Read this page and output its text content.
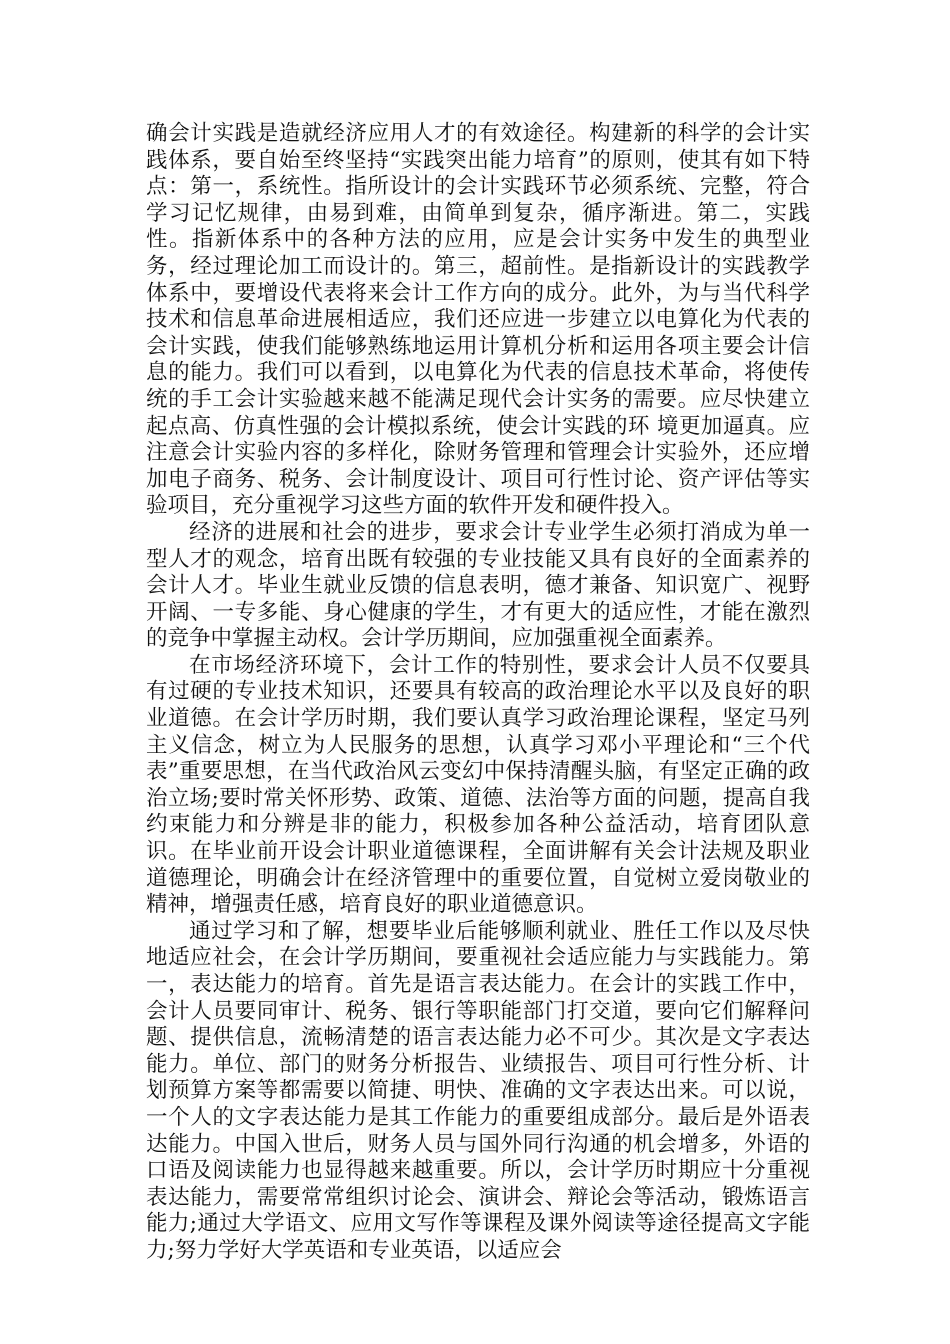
确会计实践是造就经济应用人才的有效途径。构建新的科学的会计实践体系，要自始至终坚持“实践突出能力培育”的原则，使其有如下特点：第一，系统性。指所设计的会计实践环节必须系统、完整，符合学习记忆规律，由易到难，由简单到复杂，循序渐进。第二，实践性。指新体系中的各种方法的应用，应是会计实务中发生的典型业务，经过理论加工而设计的。第三，超前性。是指新设计的实践教学体系中，要增设代表将来会计工作方向的成分。此外，为与当代科学技术和信息革命进展相适应，我们还应进一步建立以电算化为代表的会计实践，使我们能够熟练地运用计算机分析和运用各项主要会计信息的能力。我们可以看到，以电算化为代表的信息技术革命，将使传统的手工会计实验越来越不能满足现代会计实务的需要。应尽快建立起点高、仿真性强的会计模拟系统，使会计实践的环 境更加逼真。应注意会计实验内容的多样化，除财务管理和管理会计实验外，还应增加电子商务、税务、会计制度设计、项目可行性讨论、资产评估等实验项目，充分重视学习这些方面的软件开发和硬件投入。

经济的进展和社会的进步，要求会计专业学生必须打消成为单一型人才的观念，培育出既有较强的专业技能又具有良好的全面素养的会计人才。毕业生就业反馈的信息表明，德才兼备、知识宽广、视野开阔、一专多能、身心健康的学生，才有更大的适应性，才能在激烈的竞争中掌握主动权。会计学历期间，应加强重视全面素养。

在市场经济环境下，会计工作的特别性，要求会计人员不仅要具有过硬的专业技术知识，还要具有较高的政治理论水平以及良好的职业道德。在会计学历时期，我们要认真学习政治理论课程，坚定马列主义信念，树立为人民服务的思想，认真学习邓小平理论和“三个代表”重要思想，在当代政治风云变幻中保持清醒头脑，有坚定正确的政治立场;要时常关怀形势、政策、道德、法治等方面的问题，提高自我约束能力和分辨是非的能力，积极参加各种公益活动，培育团队意识。在毕业前开设会计职业道德课程，全面讲解有关会计法规及职业道德理论，明确会计在经济管理中的重要位置，自觉树立爱岗敬业的精神，增强责任感，培育良好的职业道德意识。

通过学习和了解，想要毕业后能够顺利就业、胜任工作以及尽快地适应社会，在会计学历期间，要重视社会适应能力与实践能力。第一，表达能力的培育。首先是语言表达能力。在会计的实践工作中，会计人员要同审计、税务、银行等职能部门打交道，要向它们解释问题、提供信息，流畅清楚的语言表达能力必不可少。其次是文字表达能力。单位、部门的财务分析报告、业绩报告、项目可行性分析、计划预算方案等都需要以简捷、明快、准确的文字表达出来。可以说，一个人的文字表达能力是其工作能力的重要组成部分。最后是外语表达能力。中国入世后，财务人员与国外同行沟通的机会增多，外语的口语及阅读能力也显得越来越重要。所以，会计学历时期应十分重视表达能力，需要常常组织讨论会、演讲会、辩论会等活动，锻炼语言能力;通过大学语文、应用文写作等课程及课外阅读等途径提高文字能力;努力学好大学英语和专业英语，以适应会
